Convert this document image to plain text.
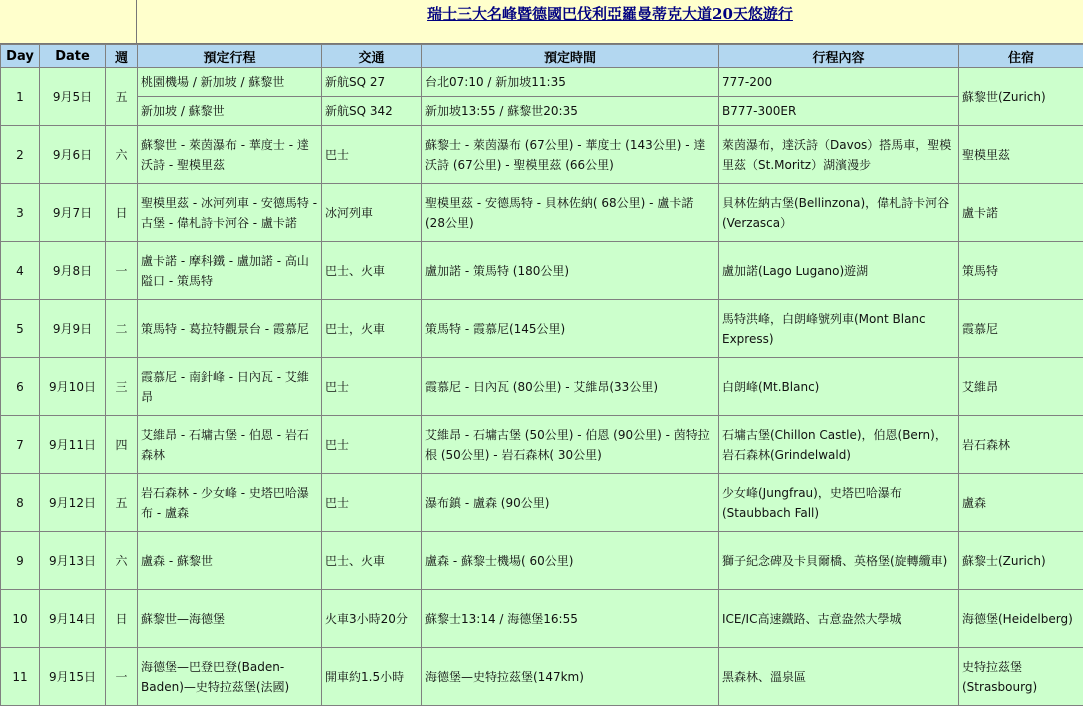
瑞士三大名峰暨德國巴伐利亞羅曼蒂克大道20天悠遊行
Day	Date	週	預定行程	交通	預定時間	行程內容	住宿
1	9月5日	五	桃園機場 / 新加坡 / 蘇黎世	新航SQ 27	台北07:10 / 新加坡11:35	777-200	蘇黎世(Zurich)
			新加坡 / 蘇黎世	新航SQ 342	新加坡13:55 / 蘇黎世20:35	B777-300ER	
2	9月6日	六	蘇黎世 - 萊茵瀑布 - 華度士 - 達沃詩 - 聖模里茲	巴士	蘇黎士 - 萊茵瀑布 (67公里) - 華度士 (143公里) - 達沃詩 (67公里) - 聖模里茲 (66公里)	萊茵瀑布，達沃詩（Davos）搭馬車，聖模里茲（St.Moritz）湖濱漫步	聖模里茲
3	9月7日	日	聖模里茲 - 冰河列車 - 安德馬特 - 古堡 - 偉札詩卡河谷 - 盧卡諾	冰河列車	聖模里茲 - 安德馬特 - 貝林佐納( 68公里) - 盧卡諾 (28公里)	貝林佐納古堡(Bellinzona)，偉札詩卡河谷(Verzasca）	盧卡諾
4	9月8日	一	盧卡諾 - 摩科鐵 - 盧加諾 - 高山隘口 - 策馬特	巴士、火車	盧加諾 - 策馬特 (180公里)	盧加諾(Lago Lugano)遊湖	策馬特
5	9月9日	二	策馬特 - 葛拉特觀景台 - 霞慕尼	巴士，火車	策馬特 - 霞慕尼(145公里)	馬特洪峰，白朗峰號列車(Mont Blanc Express)	霞慕尼
6	9月10日	三	霞慕尼 - 南針峰 - 日內瓦 - 艾維昂	巴士	霞慕尼 - 日內瓦 (80公里) - 艾維昂(33公里)	白朗峰(Mt.Blanc)	艾維昂
7	9月11日	四	艾維昂 - 石墉古堡 - 伯恩 - 岩石森林	巴士	艾維昂 - 石墉古堡 (50公里) - 伯恩 (90公里) - 茵特拉根 (50公里) - 岩石森林( 30公里)	石墉古堡(Chillon Castle)，伯恩(Bern)，岩石森林(Grindelwald)	岩石森林
8	9月12日	五	岩石森林 - 少女峰 - 史塔巴哈瀑布 - 盧森	巴士	瀑布鎮 - 盧森 (90公里)	少女峰(Jungfrau)，史塔巴哈瀑布(Staubbach Fall)	盧森
9	9月13日	六	盧森 - 蘇黎世	巴士、火車	盧森 - 蘇黎士機場( 60公里)	獅子紀念碑及卡貝爾橋、英格堡(旋轉纜車)	蘇黎士(Zurich)
10	9月14日	日	蘇黎世—海德堡	火車3小時20分	蘇黎士13:14 / 海德堡16:55	ICE/IC高速鐵路、古意盎然大學城	海德堡(Heidelberg)
11	9月15日	一	海德堡—巴登巴登(Baden-Baden)—史特拉茲堡(法國)	開車約1.5小時	海德堡—史特拉茲堡(147km)	黑森林、溫泉區	史特拉茲堡(Strasbourg)
